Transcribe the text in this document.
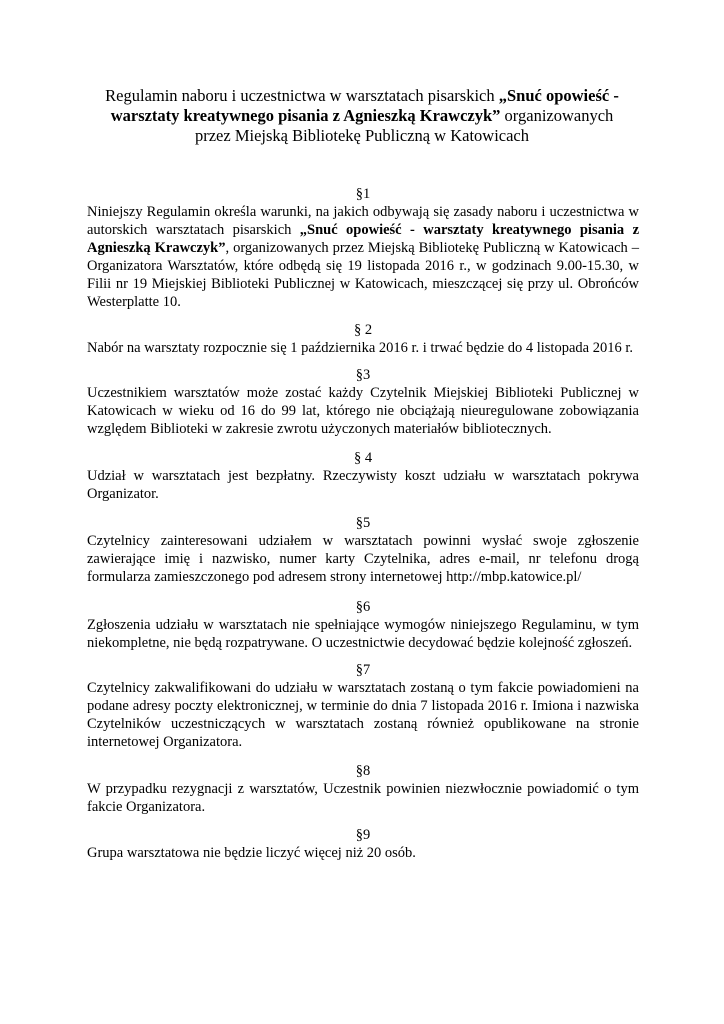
Regulamin naboru i uczestnictwa w warsztatach pisarskich „Snuć opowieść -
warsztaty kreatywnego pisania z Agnieszką Krawczyk” organizowanych
przez Miejską Bibliotekę Publiczną w Katowicach

§1

Niniejszy Regulamin określa warunki, na jakich odbywają się zasady naboru i uczestnictwa w autorskich warsztatach pisarskich „Snuć opowieść - warsztaty kreatywnego pisania z Agnieszką Krawczyk”, organizowanych przez Miejską Bibliotekę Publiczną w Katowicach – Organizatora Warsztatów, które odbędą się 19 listopada 2016 r., w godzinach 9.00-15.30, w Filii nr 19 Miejskiej Biblioteki Publicznej w Katowicach, mieszczącej się przy ul. Obrońców Westerplatte 10.

§ 2

Nabór na warsztaty rozpocznie się 1 października 2016 r. i trwać będzie do 4 listopada 2016 r.

§3

Uczestnikiem warsztatów może zostać każdy Czytelnik Miejskiej Biblioteki Publicznej w Katowicach w wieku od 16 do 99 lat, którego nie obciążają nieuregulowane zobowiązania względem Biblioteki w zakresie zwrotu użyczonych materiałów bibliotecznych.

§ 4

Udział w warsztatach jest bezpłatny. Rzeczywisty koszt udziału w warsztatach pokrywa Organizator.

§5

Czytelnicy zainteresowani udziałem w warsztatach powinni wysłać swoje zgłoszenie zawierające imię i nazwisko, numer karty Czytelnika, adres e-mail, nr telefonu drogą formularza zamieszczonego pod adresem strony internetowej http://mbp.katowice.pl/

§6

Zgłoszenia udziału w warsztatach nie spełniające wymogów niniejszego Regulaminu, w tym niekompletne, nie będą rozpatrywane. O uczestnictwie decydować będzie kolejność zgłoszeń.

§7

Czytelnicy zakwalifikowani do udziału w warsztatach zostaną o tym fakcie powiadomieni na podane adresy poczty elektronicznej, w terminie do dnia 7 listopada 2016 r. Imiona i nazwiska Czytelników uczestniczących w warsztatach zostaną również opublikowane na stronie internetowej Organizatora.

§8

W przypadku rezygnacji z warsztatów, Uczestnik powinien niezwłocznie powiadomić o tym fakcie Organizatora.

§9

Grupa warsztatowa nie będzie liczyć więcej niż 20 osób.
